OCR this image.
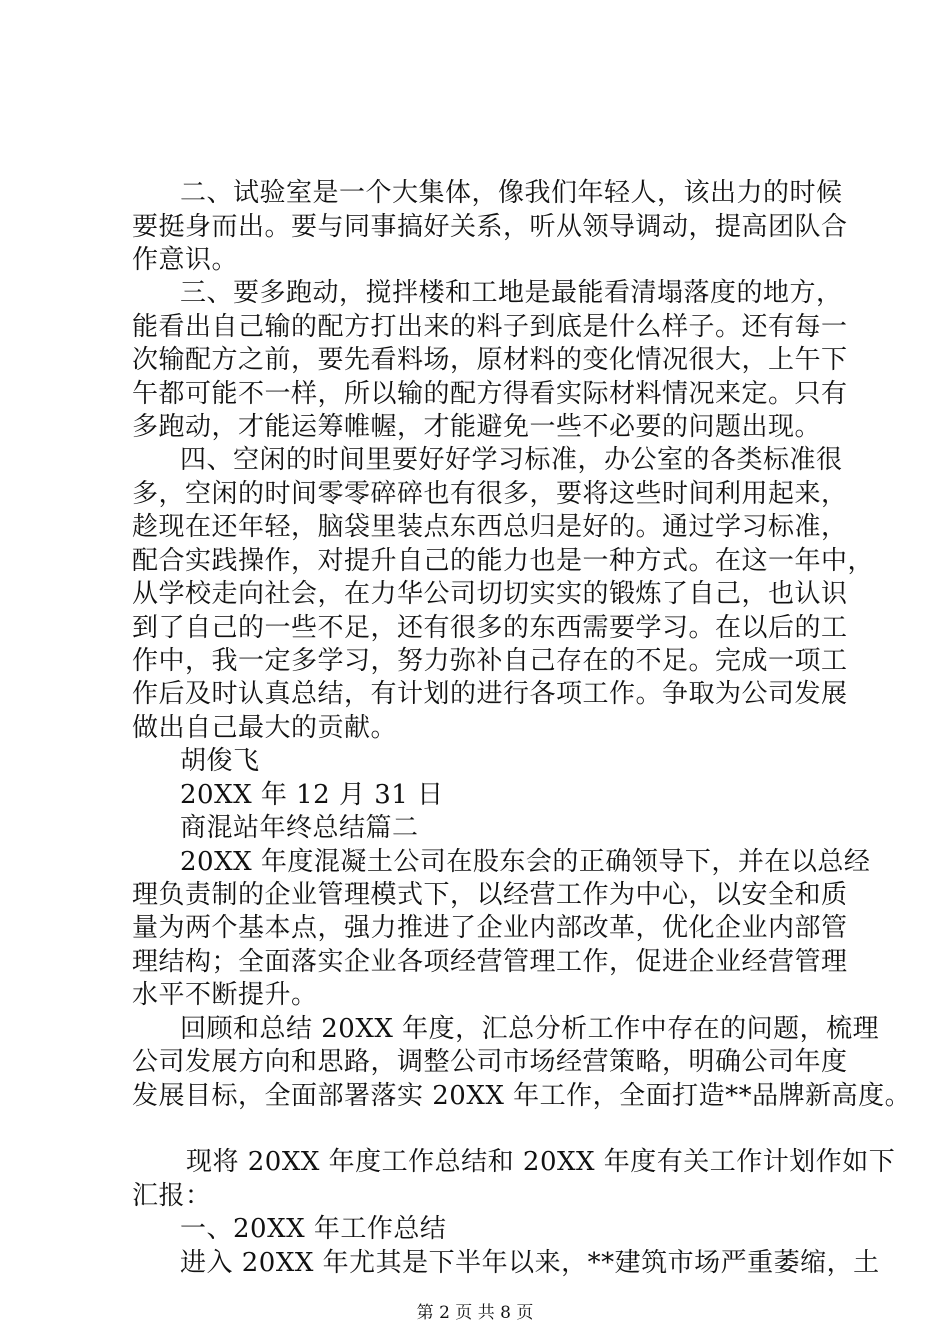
二、试验室是一个大集体，像我们年轻人，该出力的时候
要挺身而出。要与同事搞好关系，听从领导调动，提高团队合
作意识。
三、要多跑动，搅拌楼和工地是最能看清塌落度的地方，
能看出自己输的配方打出来的料子到底是什么样子。还有每一
次输配方之前，要先看料场，原材料的变化情况很大，上午下
午都可能不一样，所以输的配方得看实际材料情况来定。只有
多跑动，才能运筹帷幄，才能避免一些不必要的问题出现。
四、空闲的时间里要好好学习标准，办公室的各类标准很
多，空闲的时间零零碎碎也有很多，要将这些时间利用起来，
趁现在还年轻，脑袋里装点东西总归是好的。通过学习标准，
配合实践操作，对提升自己的能力也是一种方式。在这一年中，
从学校走向社会，在力华公司切切实实的锻炼了自己，也认识
到了自己的一些不足，还有很多的东西需要学习。在以后的工
作中，我一定多学习，努力弥补自己存在的不足。完成一项工
作后及时认真总结，有计划的进行各项工作。争取为公司发展
做出自己最大的贡献。
胡俊飞
20XX 年 12 月 31 日
商混站年终总结篇二
20XX 年度混凝土公司在股东会的正确领导下，并在以总经
理负责制的企业管理模式下，以经营工作为中心，以安全和质
量为两个基本点，强力推进了企业内部改革，优化企业内部管
理结构；全面落实企业各项经营管理工作，促进企业经营管理
水平不断提升。
回顾和总结 20XX 年度，汇总分析工作中存在的问题，梳理
公司发展方向和思路，调整公司市场经营策略，明确公司年度
发展目标，全面部署落实 20XX 年工作，全面打造**品牌新高度。
现将 20XX 年度工作总结和 20XX 年度有关工作计划作如下
汇报：
一、20XX 年工作总结
进入 20XX 年尤其是下半年以来，**建筑市场严重萎缩，土
第 2 页 共 8 页
